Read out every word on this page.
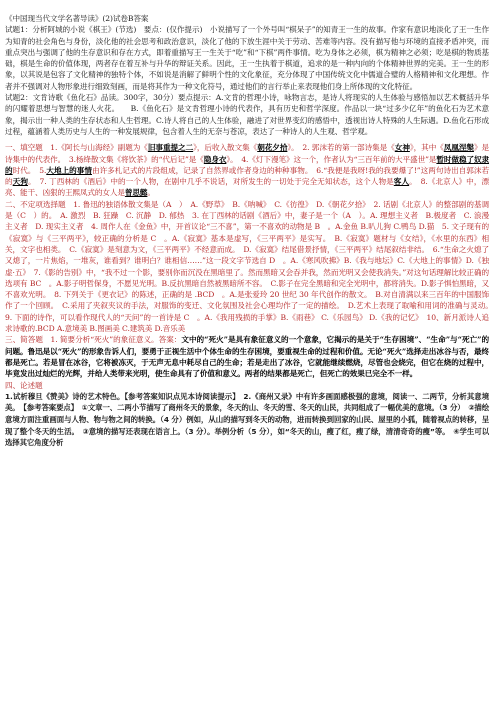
《中国现当代文学名著导读》(2)试卷B答案

试题1：分析阿城的小说《棋王》(节选)　要点：(仅作提示)　小说描写了一个外号叫“棋呆子”的知青王一生的故事。作家有意识地淡化了王一生作为知青的社会角色与身份，淡化他的社会思考和政治意识，淡化了他的下放生涯中关于劳动、苦难等内容。没有描写他与环境的直接矛盾冲突，而重点突出与强调了他的生存意识和存在方式，即着重描写王一生关于“吃”和“下棋”两件事情。吃为身体之必须，棋为精神之必须；吃是棋的物质基础，棋是生命的价值体现，两者存在着互补与升华的辩证关系。因此，王一生执着于棋道，追求的是一种内向的个体精神世界的完美。王一生的形象，以其说是包容了文化精神的独特个体，不如说是消解了鲜明个性的文化象征，充分体现了中国传统文化中儒道合璧的人格精神和文化理想。作者并不强调对人物形象进行细致刻画，而是将其作为一种文化符号，通过他们的言行举止来表现他们身上所体现的文化特征。

试题2：文肯诗歌《鱼化石》品读。300字，30分）要点提示：A.文肯的哲理小诗，咏物言志，是诗人将现实的人生体验与感悟加以艺术概括升华的闪耀着思想与智慧的迷人火花。　　B.《鱼化石》是文肯哲理小诗的代表作，具有历史和哲学深度。作品以一块“过多少亿年”的鱼化石为艺术意象，揭示出一种人类的生存状态和人生哲理。C.诗人将自己的人生体验，融进了对世界变幻的感悟中，透视出诗人特殊的人生际遇。D.鱼化石形成过程，蕴涵着人类历史与人生的一种发展规律，包含着人生的无奈与苍凉，表达了一种诗人的人生观、哲学观。

一、填空题　1.《阿长与山海经》副题为《旧事重提之二》，后收入散文集《朝花夕拾》。　2. 郭沫若的第一部诗集是《女神》，其中《凤凰涅槃》是诗集中的代表作。　3.杨绛散文集《将饮茶》的“代后记”是《隐身衣》。　4.《灯下漫笔》这一个，作者认为“三百年前的大平盛世”是暂时做稳了奴隶的时代。　5.大地上的事情由许多札记式的片段组成，记录了自然界或作者身边的种种事物。　6.“我便是我呀!我的我要爆了!”这两句诗出自郭沫若的天狗。　7. 丁西林的《酒后》中的一个人物，在剧中几乎不说话，对所发生的一切处于完全无知状态，这个人物是客人。　8.《北京人》中，漂亮、能干、凶狠的王熙凤式的女人是曾思懿。

二、不定项选择题　1. 鲁迅的独语体散文集是（A　）　A.《野草》　B.《呐喊》　C.《彷徨》　D.《朝花夕拾》　2. 话剧《北京人》的整部剧的基调是（C　）的。　A. 激烈　B. 狂躁　C. 沉静　D. 郁热　3. 在丁西林的话剧《酒后》中，妻子是一个（A　）。A. 理想主义者　B.极度者　C. 浪漫主义者　D. 现实主义者　4. 周作人在《金鱼》中，开首议论“三不喜”，第一不喜欢的动物是 B　。A.金鱼 B.叭儿狗 C.鸭鸟 D.猫　5. 文子现有的《寂寞》与《三平两平》，较正确的分析是 C　。A.《寂寞》基本是虚写，《三平两平》是实写。　B.《寂寞》题材与《女结》，《水里的东西》相关，文字也相类。　C.《寂寞》是刻意为文，《三平两平》不经意而成。　D.《寂寞》结尾借景抒情，《三平两平》结尾叙结非结。　6.“生命之火熄了又熄了，一片焦焰，一堆灰，谁看到？谁明白？谁相信……”这一段文字节选自 D　。A.《寒风吹拂》B.《我与地坛》C.《大地上的事情》D.《独虚·五》　7.《影的告别》中，“我不过一个影，要别你而沉没在黑暗里了。然而黑暗又会吞并我，然而光明又会使我消失。”对这句话理解比较正确的选项有 BC　。A.影子明哲保身，不愿见光明。B.反抗黑暗自然被黑暗所不容。　C.影子在完全黑暗和完全光明中，都将消失。D.影子惧怕黑暗，又不喜欢光明。　8. 下列关于《更衣记》的陈述，正确的是 .BCD　。A.是张爱玲 20 世纪 30 年代创作的散文。　B.对自清满以来三百年的中国服饰作了一个回顾。　C.采用了夹叙夹议的手法，对服饰的变迁、文化氛围及社会心理均作了一定的描绘。　D.艺术上表现了取喻和用词的准确与灵动。　9. 下面的诗作，可以看作现代人的“天问”的一首诗是 C　。A.《我用残损的手掌》B.《雨巷》 C.《乐园鸟》 D.《我的记忆》　10、新月派诗人追求诗歌的.BCD A.意境美 B.图画美 C.建筑美 D.音乐美

三、简答题　1. 简要分析“死火”的象征意义。答案：文中的“死火”是具有象征意义的一个意象，它揭示的是关于“生存困境”、“生命”与“死亡”的问题。鲁迅是以“死火”的形象告诉人们，要勇于正视生活中个体生命的生存困境，要重视生命的过程和价值。无论“死火”选择走出冰谷与否，最终都是死亡。若是冒在冰谷，它将被冻灭，于无声无息中耗尽自己的生命；若是走出了冰谷，它就能继续燃烧，尽管也会烧完，但它在烧的过程中，毕竟发出过灿烂的光辉，并给人类带来光明，使生命具有了价值和意义。两者的结果都是死亡，但死亡的效果已完全不一样。

四、论述题

1.试析穆旦《赞美》诗的艺术特色。【参考答案知识点见本诗阅读提示】　2.《商州又录》中有许多画面感极强的意境，阅读一、二两节，分析其意境美。　【参考答案要点】　①文章一、二两小节描写了商州冬天的景象，冬天的山、冬天的雪、冬天的山民，共同组成了一幅优美的意境。（3 分）　②描绘意境方面注重画面与人物、物与物之间的转换。（4 分）例如，从山的描写到冬天的动物，进而转换到回家的山民、屋里的小狐，随着视点的转移，呈现了整个冬天的生活。　③意境的描写还表现在语言上。（3 分）。举例分析（5 分），如“冬天的山，瘦了红，瘦了绿，清清奇奇的瘦”等。　④学生可以选择其它角度分析
